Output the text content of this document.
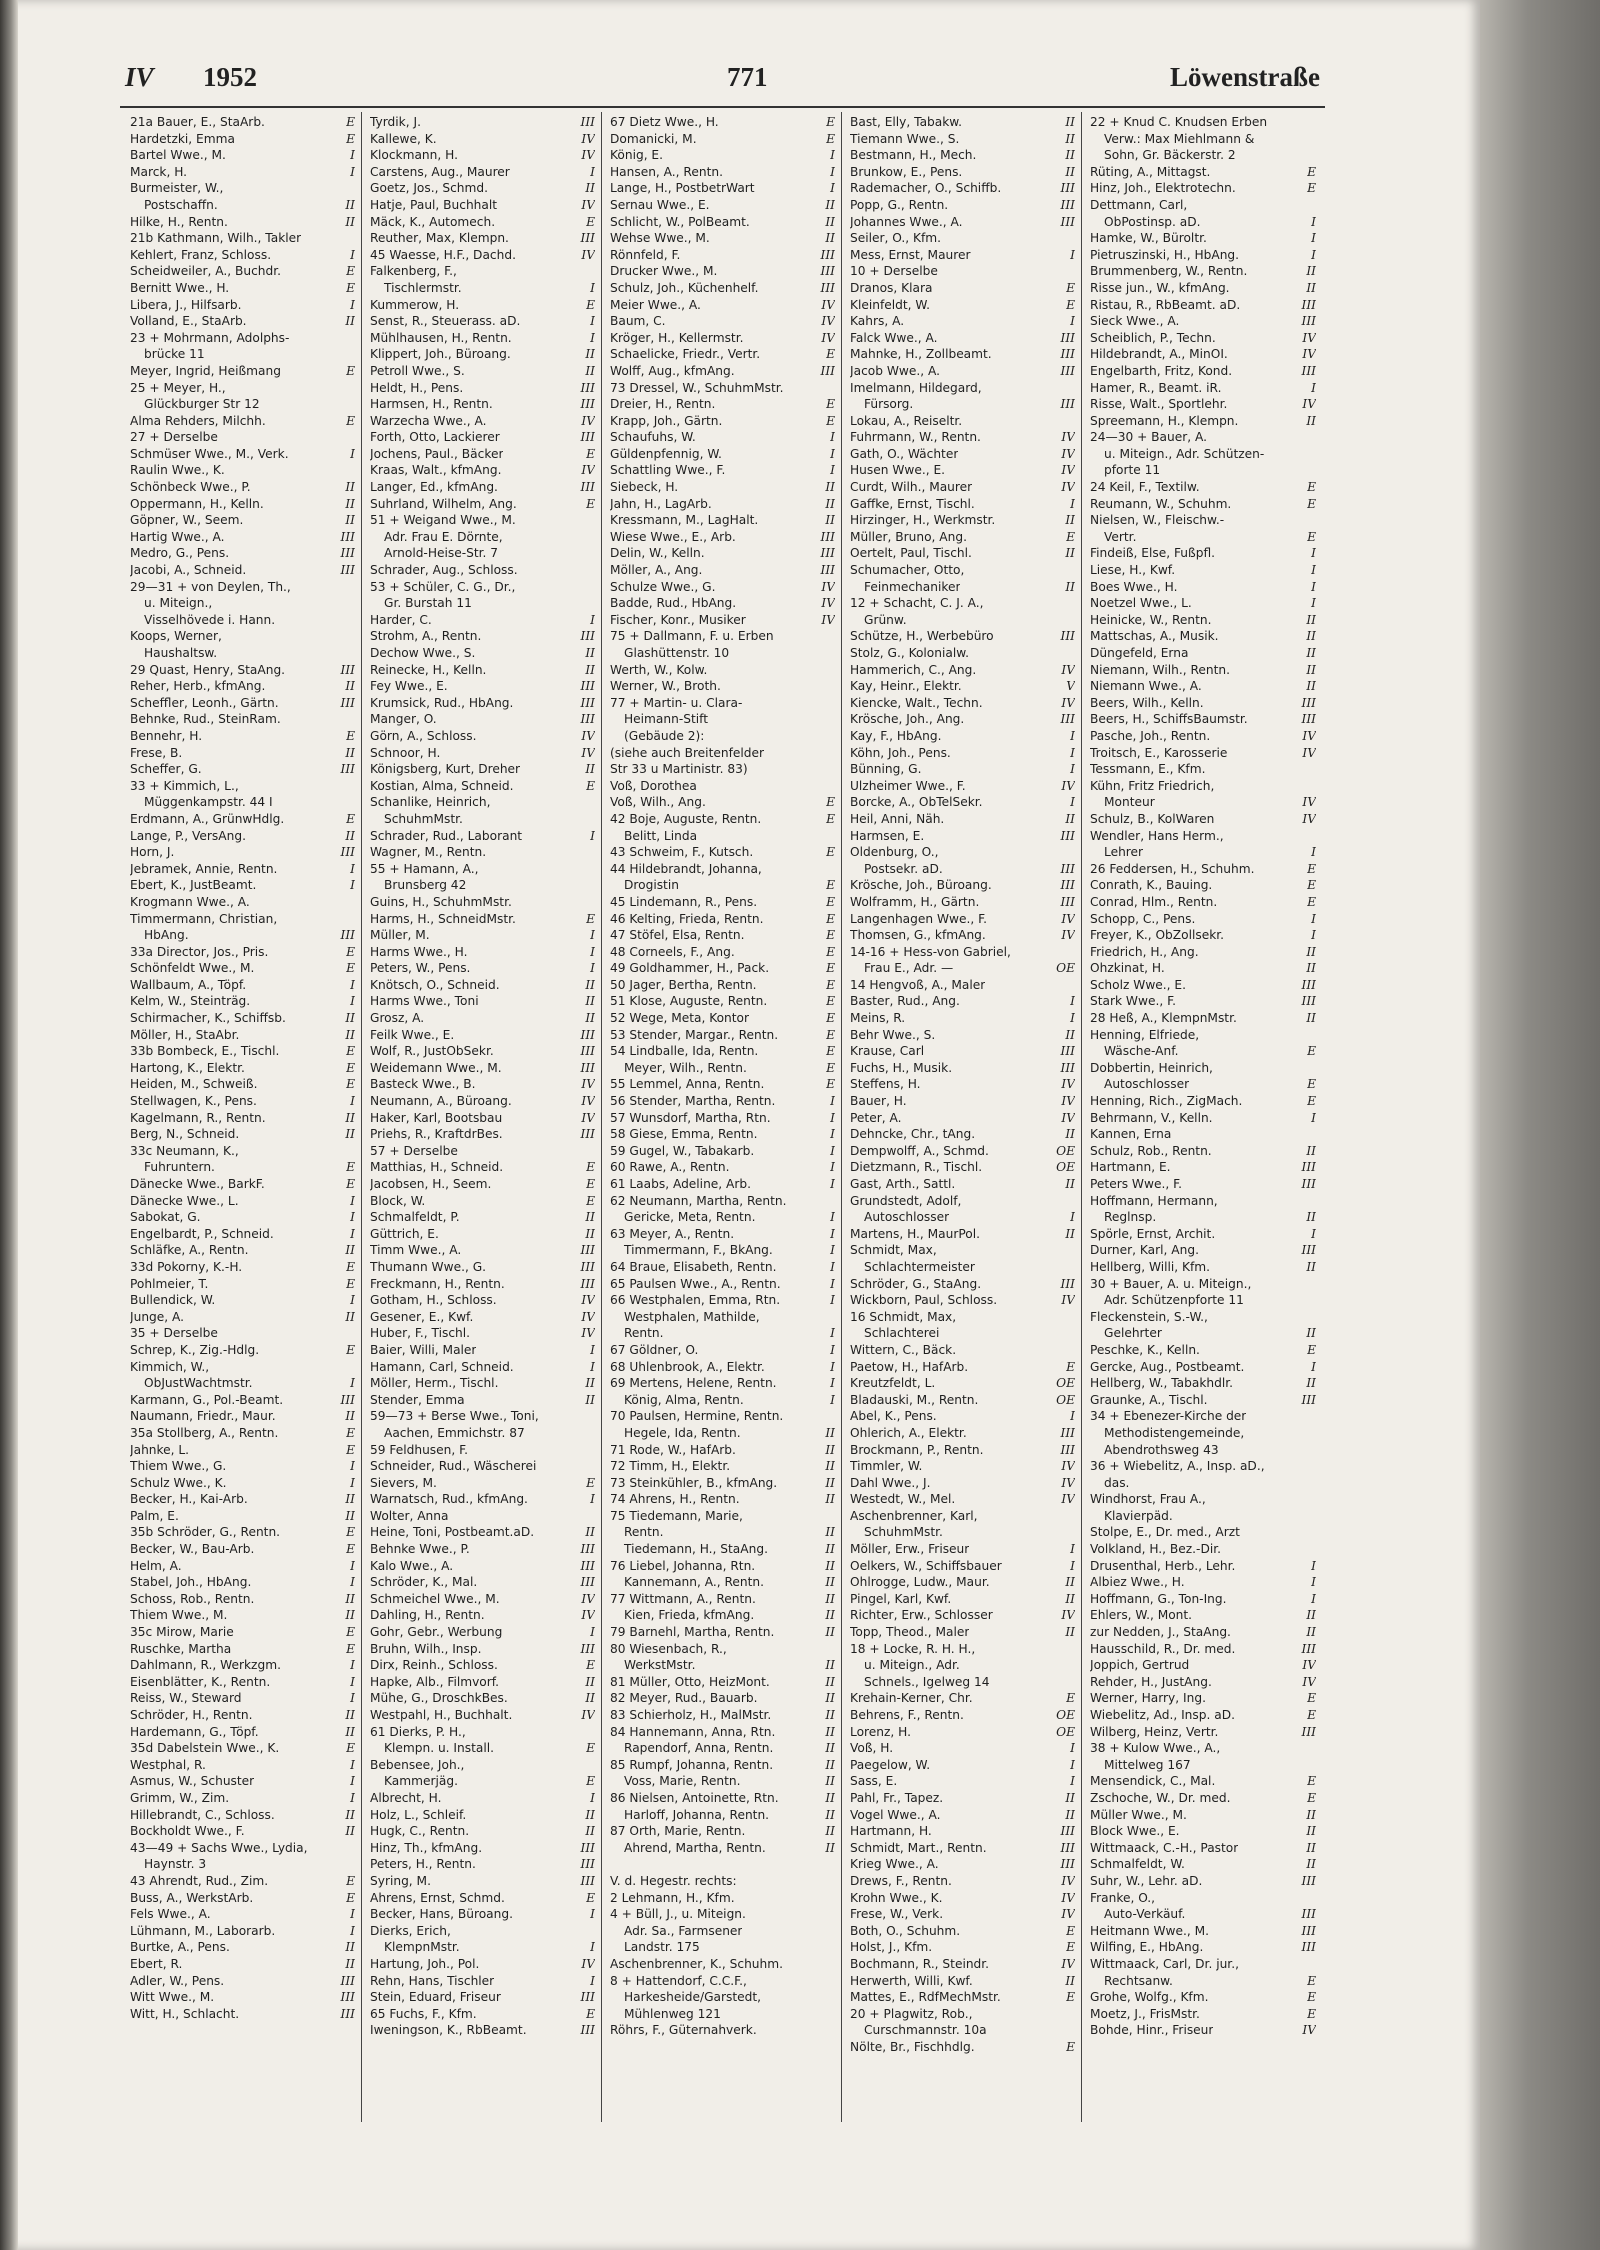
IV 1952	771	Löwenstraße
21a Bauer, E., StaArb.	E
Hardetzki, Emma	E
Bartel Wwe., M.	I
Marck, H.	I
Burmeister, W.,
Postschaffn.	II
Hilke, H., Rentn.	II
21b Kathmann, Wilh., Takler
Kehlert, Franz, Schloss.	I
Scheidweiler, A., Buchdr.	E
Bernitt Wwe., H.	E
Libera, J., Hilfsarb.	I
Volland, E., StaArb.	II
23 + Mohrmann, Adolphs-
brücke 11
Meyer, Ingrid, Heißmang	E
25 + Meyer, H.,
Glückburger Str 12
Alma Rehders, Milchh.	E
27 + Derselbe
Schmüser Wwe., M., Verk.	I
Raulin Wwe., K.
Schönbeck Wwe., P.	II
Oppermann, H., Kelln.	II
Göpner, W., Seem.	II
Hartig Wwe., A.	III
Medro, G., Pens.	III
Jacobi, A., Schneid.	III
29—31 + von Deylen, Th.,
u. Miteign.,
Visselhövede i. Hann.
Koops, Werner,
Haushaltsw.
29 Quast, Henry, StaAng.	III
Reher, Herb., kfmAng.	II
Scheffler, Leonh., Gärtn.	III
Behnke, Rud., SteinRam.
Bennehr, H.	E
Frese, B.	II
Scheffer, G.	III
33 + Kimmich, L.,
Müggenkampstr. 44 I
Erdmann, A., GrünwHdlg.	E
Lange, P., VersAng.	II
Horn, J.	III
Jebramek, Annie, Rentn.	I
Ebert, K., JustBeamt.	I
Krogmann Wwe., A.
Timmermann, Christian,
HbAng.	III
33a Director, Jos., Pris.	E
Schönfeldt Wwe., M.	E
Wallbaum, A., Töpf.	I
Kelm, W., Steinträg.	I
Schirmacher, K., Schiffsb.	II
Möller, H., StaAbr.	II
33b Bombeck, E., Tischl.	E
Hartong, K., Elektr.	E
Heiden, M., Schweiß.	E
Stellwagen, K., Pens.	I
Kagelmann, R., Rentn.	II
Berg, N., Schneid.	II
33c Neumann, K.,
Fuhruntern.	E
Dänecke Wwe., BarkF.	E
Dänecke Wwe., L.	I
Sabokat, G.	I
Engelbardt, P., Schneid.	I
Schläfke, A., Rentn.	II
33d Pokorny, K.-H.	E
Pohlmeier, T.	E
Bullendick, W.	I
Junge, A.	II
35 + Derselbe
Schrep, K., Zig.-Hdlg.	E
Kimmich, W.,
ObJustWachtmstr.	I
Karmann, G., Pol.-Beamt.	III
Naumann, Friedr., Maur.	II
35a Stollberg, A., Rentn.	E
Jahnke, L.	E
Thiem Wwe., G.	I
Schulz Wwe., K.	I
Becker, H., Kai-Arb.	II
Palm, E.	II
35b Schröder, G., Rentn.	E
Becker, W., Bau-Arb.	E
Helm, A.	I
Stabel, Joh., HbAng.	I
Schoss, Rob., Rentn.	II
Thiem Wwe., M.	II
35c Mirow, Marie	E
Ruschke, Martha	E
Dahlmann, R., Werkzgm.	I
Eisenblätter, K., Rentn.	I
Reiss, W., Steward	I
Schröder, H., Rentn.	II
Hardemann, G., Töpf.	II
35d Dabelstein Wwe., K.	E
Westphal, R.	I
Asmus, W., Schuster	I
Grimm, W., Zim.	I
Hillebrandt, C., Schloss.	II
Bockholdt Wwe., F.	II
43—49 + Sachs Wwe., Lydia,
Haynstr. 3
43 Ahrendt, Rud., Zim.	E
Buss, A., WerkstArb.	E
Fels Wwe., A.	I
Lühmann, M., Laborarb.	I
Burtke, A., Pens.	II
Ebert, R.	II
Adler, W., Pens.	III
Witt Wwe., M.	III
Witt, H., Schlacht.	III
Tyrdik, J.	III
Kallewe, K.	IV
Klockmann, H.	IV
Carstens, Aug., Maurer	I
Goetz, Jos., Schmd.	II
Hatje, Paul, Buchhalt	IV
Mäck, K., Automech.	E
Reuther, Max, Klempn.	III
45 Waesse, H.F., Dachd.	IV
Falkenberg, F.,
Tischlermstr.	I
Kummerow, H.	E
Senst, R., Steuerass. aD.	I
Mühlhausen, H., Rentn.	I
Klippert, Joh., Büroang.	II
Petroll Wwe., S.	II
Heldt, H., Pens.	III
Harmsen, H., Rentn.	III
Warzecha Wwe., A.	IV
Forth, Otto, Lackierer	III
Jochens, Paul., Bäcker	E
Kraas, Walt., kfmAng.	IV
Langer, Ed., kfmAng.	III
Suhrland, Wilhelm, Ang.	E
51 + Weigand Wwe., M.
Adr. Frau E. Dörnte,
Arnold-Heise-Str. 7
Schrader, Aug., Schloss.
53 + Schüler, C. G., Dr.,
Gr. Burstah 11
Harder, C.	I
Strohm, A., Rentn.	III
Dechow Wwe., S.	II
Reinecke, H., Kelln.	II
Fey Wwe., E.	III
Krumsick, Rud., HbAng.	III
Manger, O.	III
Görn, A., Schloss.	IV
Schnoor, H.	IV
Königsberg, Kurt, Dreher	II
Kostian, Alma, Schneid.	E
Schanlike, Heinrich,
SchuhmMstr.
Schrader, Rud., Laborant	I
Wagner, M., Rentn.
55 + Hamann, A.,
Brunsberg 42
Guins, H., SchuhmMstr.
Harms, H., SchneidMstr.	E
Müller, M.	I
Harms Wwe., H.	I
Peters, W., Pens.	I
Knötsch, O., Schneid.	II
Harms Wwe., Toni	II
Grosz, A.	II
Feilk Wwe., E.	III
Wolf, R., JustObSekr.	III
Weidemann Wwe., M.	III
Basteck Wwe., B.	IV
Neumann, A., Büroang.	IV
Haker, Karl, Bootsbau	IV
Priehs, R., KraftdrBes.	III
57 + Derselbe
Matthias, H., Schneid.	E
Jacobsen, H., Seem.	E
Block, W.	E
Schmalfeldt, P.	II
Güttrich, E.	II
Timm Wwe., A.	III
Thumann Wwe., G.	III
Freckmann, H., Rentn.	III
Gotham, H., Schloss.	IV
Gesener, E., Kwf.	IV
Huber, F., Tischl.	IV
Baier, Willi, Maler	I
Hamann, Carl, Schneid.	I
Möller, Herm., Tischl.	II
Stender, Emma	II
59—73 + Berse Wwe., Toni,
Aachen, Emmichstr. 87
59 Feldhusen, F.
Schneider, Rud., Wäscherei
Sievers, M.	E
Warnatsch, Rud., kfmAng.	I
Wolter, Anna
Heine, Toni, Postbeamt.aD.	II
Behnke Wwe., P.	III
Kalo Wwe., A.	III
Schröder, K., Mal.	III
Schmeichel Wwe., M.	IV
Dahling, H., Rentn.	IV
Gohr, Gebr., Werbung	I
Bruhn, Wilh., Insp.	III
Dirx, Reinh., Schloss.	E
Hapke, Alb., Filmvorf.	II
Mühe, G., DroschkBes.	II
Westpahl, H., Buchhalt.	IV
61 Dierks, P. H.,
Klempn. u. Install.	E
Bebensee, Joh.,
Kammerjäg.	E
Albrecht, H.	I
Holz, L., Schleif.	II
Hugk, C., Rentn.	II
Hinz, Th., kfmAng.	III
Peters, H., Rentn.	III
Syring, M.	III
Ahrens, Ernst, Schmd.	E
Becker, Hans, Büroang.	I
Dierks, Erich,
KlempnMstr.	I
Hartung, Joh., Pol.	IV
Rehn, Hans, Tischler	I
Stein, Eduard, Friseur	III
65 Fuchs, F., Kfm.	E
Iweningson, K., RbBeamt.	III
67 Dietz Wwe., H.	E
Domanicki, M.	E
König, E.	I
Hansen, A., Rentn.	I
Lange, H., PostbetrWart	I
Sernau Wwe., E.	II
Schlicht, W., PolBeamt.	II
Wehse Wwe., M.	II
Rönnfeld, F.	III
Drucker Wwe., M.	III
Schulz, Joh., Küchenhelf.	III
Meier Wwe., A.	IV
Baum, C.	IV
Kröger, H., Kellermstr.	IV
Schaelicke, Friedr., Vertr.	E
Wolff, Aug., kfmAng.	III
73 Dressel, W., SchuhmMstr.
Dreier, H., Rentn.	E
Krapp, Joh., Gärtn.	E
Schaufuhs, W.	I
Güldenpfennig, W.	I
Schattling Wwe., F.	I
Siebeck, H.	II
Jahn, H., LagArb.	II
Kressmann, M., LagHalt.	II
Wiese Wwe., E., Arb.	III
Delin, W., Kelln.	III
Möller, A., Ang.	III
Schulze Wwe., G.	IV
Badde, Rud., HbAng.	IV
Fischer, Konr., Musiker	IV
75 + Dallmann, F. u. Erben
Glashüttenstr. 10
Werth, W., Kolw.
Werner, W., Broth.
77 + Martin- u. Clara-
Heimann-Stift
(Gebäude 2):
(siehe auch Breitenfelder
Str 33 u Martinistr. 83)
Voß, Dorothea
Voß, Wilh., Ang.	E
42 Boje, Auguste, Rentn.	E
Belitt, Linda
43 Schweim, F., Kutsch.	E
44 Hildebrandt, Johanna,
Drogistin	E
45 Lindemann, R., Pens.	E
46 Kelting, Frieda, Rentn.	E
47 Stöfel, Elsa, Rentn.	E
48 Corneels, F., Ang.	E
49 Goldhammer, H., Pack.	E
50 Jager, Bertha, Rentn.	E
51 Klose, Auguste, Rentn.	E
52 Wege, Meta, Kontor	E
53 Stender, Margar., Rentn.	E
54 Lindballe, Ida, Rentn.	E
Meyer, Wilh., Rentn.	E
55 Lemmel, Anna, Rentn.	E
56 Stender, Martha, Rentn.	I
57 Wunsdorf, Martha, Rtn.	I
58 Giese, Emma, Rentn.	I
59 Gugel, W., Tabakarb.	I
60 Rawe, A., Rentn.	I
61 Laabs, Adeline, Arb.	I
62 Neumann, Martha, Rentn.
Gericke, Meta, Rentn.	I
63 Meyer, A., Rentn.	I
Timmermann, F., BkAng.	I
64 Braue, Elisabeth, Rentn.	I
65 Paulsen Wwe., A., Rentn.	I
66 Westphalen, Emma, Rtn.	I
Westphalen, Mathilde,
Rentn.	I
67 Göldner, O.	I
68 Uhlenbrook, A., Elektr.	I
69 Mertens, Helene, Rentn.	I
König, Alma, Rentn.	I
70 Paulsen, Hermine, Rentn.
Hegele, Ida, Rentn.	II
71 Rode, W., HafArb.	II
72 Timm, H., Elektr.	II
73 Steinkühler, B., kfmAng.	II
74 Ahrens, H., Rentn.	II
75 Tiedemann, Marie,
Rentn.	II
Tiedemann, H., StaAng.	II
76 Liebel, Johanna, Rtn.	II
Kannemann, A., Rentn.	II
77 Wittmann, A., Rentn.	II
Kien, Frieda, kfmAng.	II
79 Barnehl, Martha, Rentn.	II
80 Wiesenbach, R.,
WerkstMstr.	II
81 Müller, Otto, HeizMont.	II
82 Meyer, Rud., Bauarb.	II
83 Schierholz, H., MalMstr.	II
84 Hannemann, Anna, Rtn.	II
Rapendorf, Anna, Rentn.	II
85 Rumpf, Johanna, Rentn.	II
Voss, Marie, Rentn.	II
86 Nielsen, Antoinette, Rtn.	II
Harloff, Johanna, Rentn.	II
87 Orth, Marie, Rentn.	II
Ahrend, Martha, Rentn.	II
V. d. Hegestr. rechts:
2 Lehmann, H., Kfm.
4 + Büll, J., u. Miteign.
Adr. Sa., Farmsener
Landstr. 175
Aschenbrenner, K., Schuhm.
8 + Hattendorf, C.C.F.,
Harkesheide/Garstedt,
Mühlenweg 121
Röhrs, F., Güternahverk.
Bast, Elly, Tabakw.	II
Tiemann Wwe., S.	II
Bestmann, H., Mech.	II
Brunkow, E., Pens.	II
Rademacher, O., Schiffb.	III
Popp, G., Rentn.	III
Johannes Wwe., A.	III
Seiler, O., Kfm.
Mess, Ernst, Maurer	I
10 + Derselbe
Dranos, Klara	E
Kleinfeldt, W.	E
Kahrs, A.	I
Falck Wwe., A.	III
Mahnke, H., Zollbeamt.	III
Jacob Wwe., A.	III
Imelmann, Hildegard,
Fürsorg.	III
Lokau, A., Reiseltr.
Fuhrmann, W., Rentn.	IV
Gath, O., Wächter	IV
Husen Wwe., E.	IV
Curdt, Wilh., Maurer	IV
Gaffke, Ernst, Tischl.	I
Hirzinger, H., Werkmstr.	II
Müller, Bruno, Ang.	E
Oertelt, Paul, Tischl.	II
Schumacher, Otto,
Feinmechaniker	II
12 + Schacht, C. J. A.,
Grünw.
Schütze, H., Werbebüro	III
Stolz, G., Kolonialw.
Hammerich, C., Ang.	IV
Kay, Heinr., Elektr.	V
Kiencke, Walt., Techn.	IV
Krösche, Joh., Ang.	III
Kay, F., HbAng.	I
Köhn, Joh., Pens.	I
Bünning, G.	I
Ulzheimer Wwe., F.	IV
Borcke, A., ObTelSekr.	I
Heil, Anni, Näh.	II
Harmsen, E.	III
Oldenburg, O.,
Postsekr. aD.	III
Krösche, Joh., Büroang.	III
Wolframm, H., Gärtn.	III
Langenhagen Wwe., F.	IV
Thomsen, G., kfmAng.	IV
14-16 + Hess-von Gabriel,
Frau E., Adr. —	OE
14 Hengvoß, A., Maler
Baster, Rud., Ang.	I
Meins, R.	I
Behr Wwe., S.	II
Krause, Carl	III
Fuchs, H., Musik.	III
Steffens, H.	IV
Bauer, H.	IV
Peter, A.	IV
Dehncke, Chr., tAng.	II
Dempwolff, A., Schmd.	OE
Dietzmann, R., Tischl.	OE
Gast, Arth., Sattl.	II
Grundstedt, Adolf,
Autoschlosser	I
Martens, H., MaurPol.	II
Schmidt, Max,
Schlachtermeister
Schröder, G., StaAng.	III
Wickborn, Paul, Schloss.	IV
16 Schmidt, Max,
Schlachterei
Wittern, C., Bäck.
Paetow, H., HafArb.	E
Kreutzfeldt, L.	OE
Bladauski, M., Rentn.	OE
Abel, K., Pens.	I
Ohlerich, A., Elektr.	III
Brockmann, P., Rentn.	III
Timmler, W.	IV
Dahl Wwe., J.	IV
Westedt, W., Mel.	IV
Aschenbrenner, Karl,
SchuhmMstr.
Möller, Erw., Friseur	I
Oelkers, W., Schiffsbauer	I
Ohlrogge, Ludw., Maur.	II
Pingel, Karl, Kwf.	II
Richter, Erw., Schlosser	IV
Topp, Theod., Maler	II
18 + Locke, R. H. H.,
u. Miteign., Adr.
Schnels., Igelweg 14
Krehain-Kerner, Chr.	E
Behrens, F., Rentn.	OE
Lorenz, H.	OE
Voß, H.	I
Paegelow, W.	I
Sass, E.	I
Pahl, Fr., Tapez.	II
Vogel Wwe., A.	II
Hartmann, H.	III
Schmidt, Mart., Rentn.	III
Krieg Wwe., A.	III
Drews, F., Rentn.	IV
Krohn Wwe., K.	IV
Frese, W., Verk.	IV
Both, O., Schuhm.	E
Holst, J., Kfm.	E
Bochmann, R., Steindr.	IV
Herwerth, Willi, Kwf.	II
Mattes, E., RdfMechMstr.	E
20 + Plagwitz, Rob.,
Curschmannstr. 10a
Nölte, Br., Fischhdlg.	E
22 + Knud C. Knudsen Erben
Verw.: Max Miehlmann &
Sohn, Gr. Bäckerstr. 2
Rüting, A., Mittagst.	E
Hinz, Joh., Elektrotechn.	E
Dettmann, Carl,
ObPostinsp. aD.	I
Hamke, W., Büroltr.	I
Pietruszinski, H., HbAng.	I
Brummenberg, W., Rentn.	II
Risse jun., W., kfmAng.	II
Ristau, R., RbBeamt. aD.	III
Sieck Wwe., A.	III
Scheiblich, P., Techn.	IV
Hildebrandt, A., MinOI.	IV
Engelbarth, Fritz, Kond.	III
Hamer, R., Beamt. iR.	I
Risse, Walt., Sportlehr.	IV
Spreemann, H., Klempn.	II
24—30 + Bauer, A.
u. Miteign., Adr. Schützen-
pforte 11
24 Keil, F., Textilw.	E
Reumann, W., Schuhm.	E
Nielsen, W., Fleischw.-
Vertr.	E
Findeiß, Else, Fußpfl.	I
Liese, H., Kwf.	I
Boes Wwe., H.	I
Noetzel Wwe., L.	I
Heinicke, W., Rentn.	II
Mattschas, A., Musik.	II
Düngefeld, Erna	II
Niemann, Wilh., Rentn.	II
Niemann Wwe., A.	II
Beers, Wilh., Kelln.	III
Beers, H., SchiffsBaumstr.	III
Pasche, Joh., Rentn.	IV
Troitsch, E., Karosserie	IV
Tessmann, E., Kfm.
Kühn, Fritz Friedrich,
Monteur	IV
Schulz, B., KolWaren	IV
Wendler, Hans Herm.,
Lehrer	I
26 Feddersen, H., Schuhm.	E
Conrath, K., Bauing.	E
Conrad, Hlm., Rentn.	E
Schopp, C., Pens.	I
Freyer, K., ObZollsekr.	I
Friedrich, H., Ang.	II
Ohzkinat, H.	II
Scholz Wwe., E.	III
Stark Wwe., F.	III
28 Heß, A., KlempnMstr.	II
Henning, Elfriede,
Wäsche-Anf.	E
Dobbertin, Heinrich,
Autoschlosser	E
Henning, Rich., ZigMach.	E
Behrmann, V., Kelln.	I
Kannen, Erna
Schulz, Rob., Rentn.	II
Hartmann, E.	III
Peters Wwe., F.	III
Hoffmann, Hermann,
Reglnsp.	II
Spörle, Ernst, Archit.	I
Durner, Karl, Ang.	III
Hellberg, Willi, Kfm.	II
30 + Bauer, A. u. Miteign.,
Adr. Schützenpforte 11
Fleckenstein, S.-W.,
Gelehrter	II
Peschke, K., Kelln.	E
Gercke, Aug., Postbeamt.	I
Hellberg, W., Tabakhdlr.	II
Graunke, A., Tischl.	III
34 + Ebenezer-Kirche der
Methodistengemeinde,
Abendrothsweg 43
36 + Wiebelitz, A., Insp. aD.,
das.
Windhorst, Frau A.,
Klavierpäd.
Stolpe, E., Dr. med., Arzt
Volkland, H., Bez.-Dir.
Drusenthal, Herb., Lehr.	I
Albiez Wwe., H.	I
Hoffmann, G., Ton-Ing.	I
Ehlers, W., Mont.	II
zur Nedden, J., StaAng.	II
Hausschild, R., Dr. med.	III
Joppich, Gertrud	IV
Rehder, H., JustAng.	IV
Werner, Harry, Ing.	E
Wiebelitz, Ad., Insp. aD.	E
Wilberg, Heinz, Vertr.	III
38 + Kulow Wwe., A.,
Mittelweg 167
Mensendick, C., Mal.	E
Zschoche, W., Dr. med.	E
Müller Wwe., M.	II
Block Wwe., E.	II
Wittmaack, C.-H., Pastor	II
Schmalfeldt, W.	II
Suhr, W., Lehr. aD.	III
Franke, O.,
Auto-Verkäuf.	III
Heitmann Wwe., M.	III
Wilfing, E., HbAng.	III
Wittmaack, Carl, Dr. jur.,
Rechtsanw.	E
Grohe, Wolfg., Kfm.	E
Moetz, J., FrisMstr.	E
Bohde, Hinr., Friseur	IV
